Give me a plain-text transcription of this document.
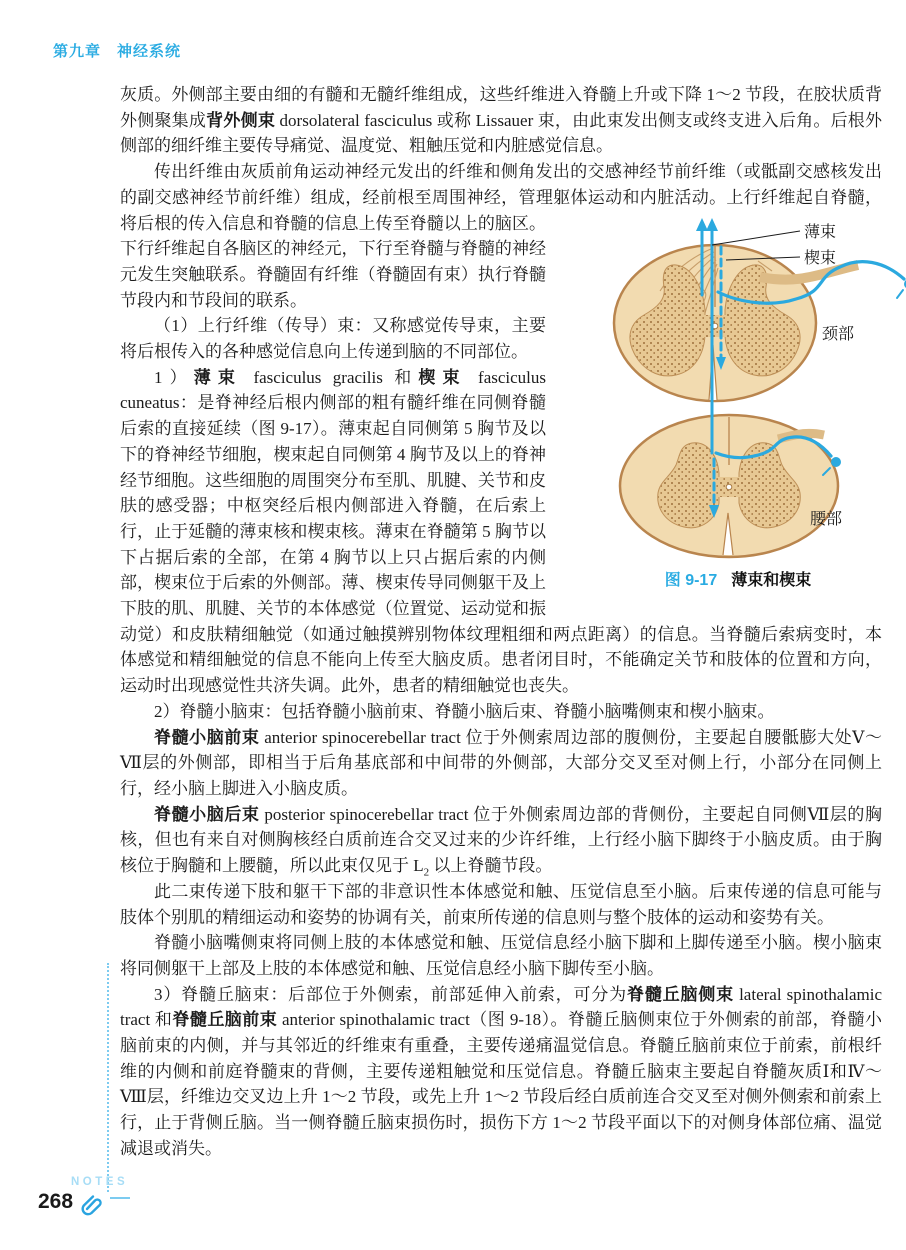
第九章　神经系统

灰质。外侧部主要由细的有髓和无髓纤维组成，这些纤维进入脊髓上升或下降 1～2 节段，在胶状质背外侧聚集成背外侧束 dorsolateral fasciculus 或称 Lissauer 束，由此束发出侧支或终支进入后角。后根外侧部的细纤维主要传导痛觉、温度觉、粗触压觉和内脏感觉信息。

传出纤维由灰质前角运动神经元发出的纤维和侧角发出的交感神经节前纤维（或骶副交感核发出的副交感神经节前纤维）组成，经前根至周围神经，管理躯体运动和内脏活动。上行纤维起自脊髓，
薄束
楔束
颈部
腰部
图 9-17 薄束和楔束
将后根的传入信息和脊髓的信息上传至脊髓以上的脑区。下行纤维起自各脑区的神经元，下行至脊髓与脊髓的神经元发生突触联系。脊髓固有纤维（脊髓固有束）执行脊髓节段内和节段间的联系。

（1）上行纤维（传导）束：又称感觉传导束，主要将后根传入的各种感觉信息向上传递到脑的不同部位。

1）薄束 fasciculus gracilis 和楔束 fasciculus cuneatus：是脊神经后根内侧部的粗有髓纤维在同侧脊髓后索的直接延续（图 9-17）。薄束起自同侧第 5 胸节及以下的脊神经节细胞，楔束起自同侧第 4 胸节及以上的脊神经节细胞。这些细胞的周围突分布至肌、肌腱、关节和皮肤的感受器；中枢突经后根内侧部进入脊髓，在后索上行，止于延髓的薄束核和楔束核。薄束在脊髓第 5 胸节以下占据后索的全部，在第 4 胸节以上只占据后索的内侧部，楔束位于后索的外侧部。薄、楔束传导同侧躯干及上下肢的肌、肌腱、关节的本体感觉（位置觉、运动觉和振动觉）和皮肤精细触觉（如通过触摸辨别物体纹理粗细和两点距离）的信息。当脊髓后索病变时，本体感觉和精细触觉的信息不能向上传至大脑皮质。患者闭目时，不能确定关节和肢体的位置和方向，运动时出现感觉性共济失调。此外，患者的精细触觉也丧失。

2）脊髓小脑束：包括脊髓小脑前束、脊髓小脑后束、脊髓小脑嘴侧束和楔小脑束。

脊髓小脑前束 anterior spinocerebellar tract 位于外侧索周边部的腹侧份，主要起自腰骶膨大处Ⅴ～Ⅶ层的外侧部，即相当于后角基底部和中间带的外侧部，大部分交叉至对侧上行，小部分在同侧上行，经小脑上脚进入小脑皮质。

脊髓小脑后束 posterior spinocerebellar tract 位于外侧索周边部的背侧份，主要起自同侧Ⅶ层的胸核，但也有来自对侧胸核经白质前连合交叉过来的少许纤维，上行经小脑下脚终于小脑皮质。由于胸核位于胸髓和上腰髓，所以此束仅见于 $L_2$ 以上脊髓节段。

此二束传递下肢和躯干下部的非意识性本体感觉和触、压觉信息至小脑。后束传递的信息可能与肢体个别肌的精细运动和姿势的协调有关，前束所传递的信息则与整个肢体的运动和姿势有关。

脊髓小脑嘴侧束将同侧上肢的本体感觉和触、压觉信息经小脑下脚和上脚传递至小脑。楔小脑束将同侧躯干上部及上肢的本体感觉和触、压觉信息经小脑下脚传至小脑。

3）脊髓丘脑束：后部位于外侧索，前部延伸入前索，可分为脊髓丘脑侧束 lateral spinothalamic tract 和脊髓丘脑前束 anterior spinothalamic tract（图 9-18）。脊髓丘脑侧束位于外侧索的前部，脊髓小脑前束的内侧，并与其邻近的纤维束有重叠，主要传递痛温觉信息。脊髓丘脑前束位于前索，前根纤维的内侧和前庭脊髓束的背侧，主要传递粗触觉和压觉信息。脊髓丘脑束主要起自脊髓灰质Ⅰ和Ⅳ～Ⅷ层，纤维边交叉边上升 1～2 节段，或先上升 1～2 节段后经白质前连合交叉至对侧外侧索和前索上行，止于背侧丘脑。当一侧脊髓丘脑束损伤时，损伤下方 1～2 节段平面以下的对侧身体部位痛、温觉减退或消失。

NOTES
268
